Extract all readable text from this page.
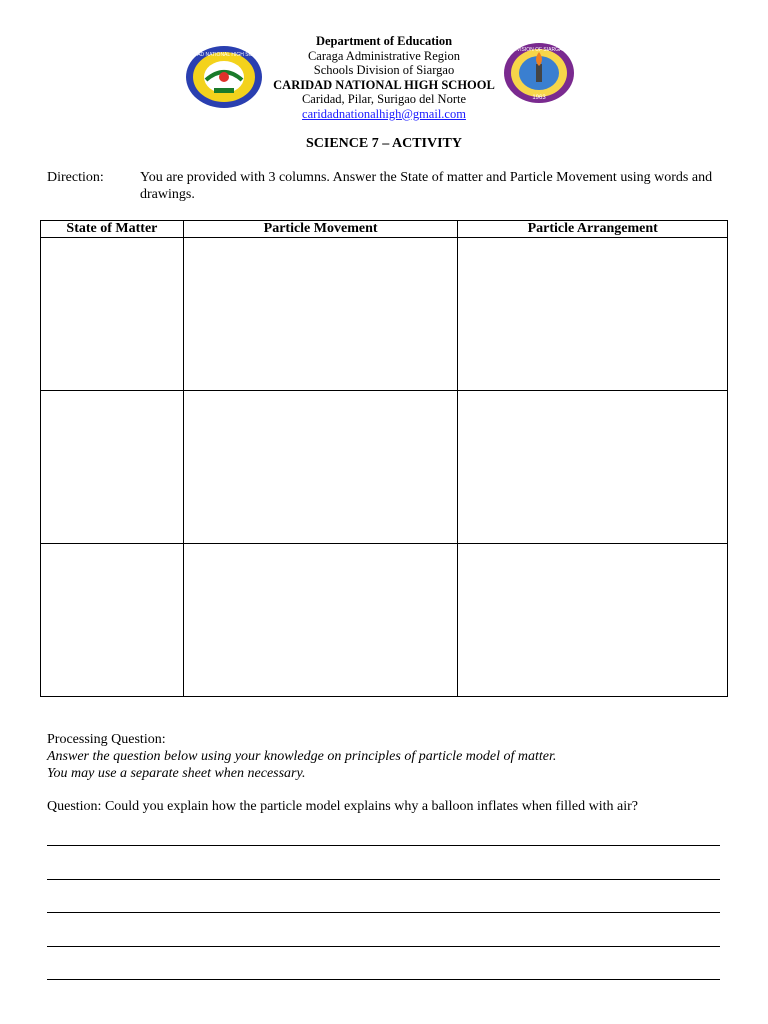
CARIDAD NATIONAL HIGH SCHOOL
DIVISION OF SIARGAO
1963
Department of Education
Caraga Administrative Region
Schools Division of Siargao
CARIDAD NATIONAL HIGH SCHOOL
Caridad, Pilar, Surigao del Norte
caridadnationalhigh@gmail.com
SCIENCE 7 – ACTIVITY
Direction:	You are provided with 3 columns. Answer the State of matter and Particle Movement using words and drawings.
State of Matter	Particle Movement	Particle Arrangement

Processing Question:
Answer the question below using your knowledge on principles of particle model of matter.
You may use a separate sheet when necessary.
Question: Could you explain how the particle model explains why a balloon inflates when filled with air?
